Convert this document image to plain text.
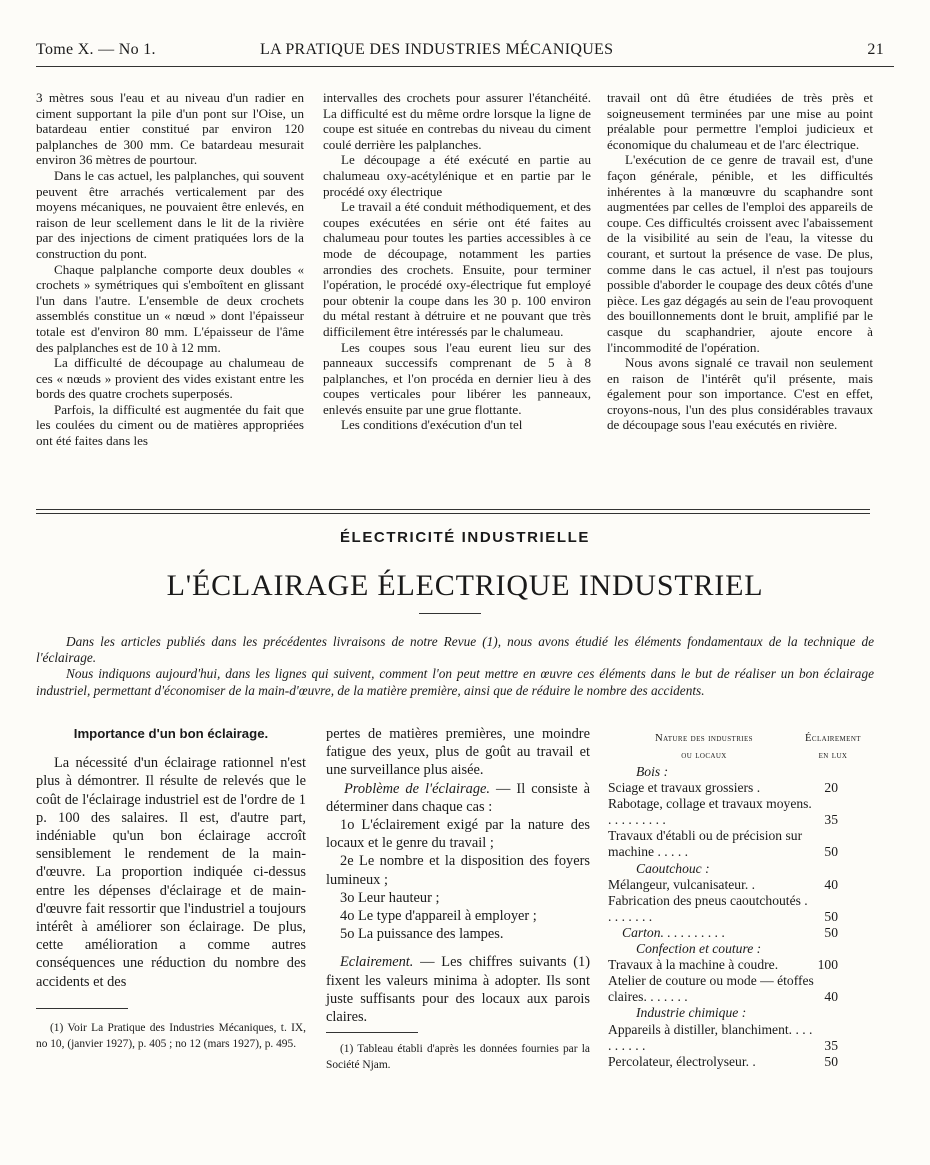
Tome X. — No 1.	LA PRATIQUE DES INDUSTRIES MÉCANIQUES	21

3 mètres sous l'eau et au niveau d'un radier en ciment supportant la pile d'un pont sur l'Oise, un batardeau entier constitué par environ 120 palplanches de 300 mm. Ce batardeau mesurait environ 36 mètres de pourtour.

Dans le cas actuel, les palplanches, qui souvent peuvent être arrachés verticalement par des moyens mécaniques, ne pouvaient être enlevés, en raison de leur scellement dans le lit de la rivière par des injections de ciment pratiquées lors de la construction du pont.

Chaque palplanche comporte deux doubles « crochets » symétriques qui s'emboîtent en glissant l'un dans l'autre. L'ensemble de deux crochets assemblés constitue un « nœud » dont l'épaisseur totale est d'environ 80 mm. L'épaisseur de l'âme des palplanches est de 10 à 12 mm.

La difficulté de découpage au chalumeau de ces « nœuds » provient des vides existant entre les bords des quatre crochets superposés.

Parfois, la difficulté est augmentée du fait que les coulées du ciment ou de matières appropriées ont été faites dans les

intervalles des crochets pour assurer l'étanchéité. La difficulté est du même ordre lorsque la ligne de coupe est située en contrebas du niveau du ciment coulé derrière les palplanches.

Le découpage a été exécuté en partie au chalumeau oxy-acétylénique et en partie par le procédé oxy électrique

Le travail a été conduit méthodiquement, et des coupes exécutées en série ont été faites au chalumeau pour toutes les parties accessibles à ce mode de découpage, notamment les parties arrondies des crochets. Ensuite, pour terminer l'opération, le procédé oxy-électrique fut employé pour obtenir la coupe dans les 30 p. 100 environ du métal restant à détruire et ne pouvant que très difficilement être intéressés par le chalumeau.

Les coupes sous l'eau eurent lieu sur des panneaux successifs comprenant de 5 à 8 palplanches, et l'on procéda en dernier lieu à des coupes verticales pour libérer les panneaux, enlevés ensuite par une grue flottante.

Les conditions d'exécution d'un tel

travail ont dû être étudiées de très près et soigneusement terminées par une mise au point préalable pour permettre l'emploi judicieux et économique du chalumeau et de l'arc électrique.

L'exécution de ce genre de travail est, d'une façon générale, pénible, et les difficultés inhérentes à la manœuvre du scaphandre sont augmentées par celles de l'emploi des appareils de coupe. Ces difficultés croissent avec l'abaissement de la visibilité au sein de l'eau, la vitesse du courant, et surtout la présence de vase. De plus, comme dans le cas actuel, il n'est pas toujours possible d'aborder le coupage des deux côtés d'une pièce. Les gaz dégagés au sein de l'eau provoquent des bouillonnements dont le bruit, amplifié par le casque du scaphandrier, ajoute encore à l'incommodité de l'opération.

Nous avons signalé ce travail non seulement en raison de l'intérêt qu'il présente, mais également pour son importance. C'est en effet, croyons-nous, l'un des plus considérables travaux de découpage sous l'eau exécutés en rivière.

ÉLECTRICITÉ INDUSTRIELLE
L'ÉCLAIRAGE ÉLECTRIQUE INDUSTRIEL

Dans les articles publiés dans les précédentes livraisons de notre Revue (1), nous avons étudié les éléments fondamentaux de la technique de l'éclairage.

Nous indiquons aujourd'hui, dans les lignes qui suivent, comment l'on peut mettre en œuvre ces éléments dans le but de réaliser un bon éclairage industriel, permettant d'économiser de la main-d'œuvre, de la matière première, ainsi que de réduire le nombre des accidents.

Importance d'un bon éclairage.

La nécessité d'un éclairage rationnel n'est plus à démontrer. Il résulte de relevés que le coût de l'éclairage industriel est de l'ordre de 1 p. 100 des salaires. Il est, d'autre part, indéniable qu'un bon éclairage accroît sensiblement le rendement de la main-d'œuvre. La proportion indiquée ci-dessus entre les dépenses d'éclairage et de main-d'œuvre fait ressortir que l'industriel a toujours intérêt à améliorer son éclairage. De plus, cette amélioration a comme autres conséquences une réduction du nombre des accidents et des

(1) Voir La Pratique des Industries Mécaniques, t. IX, no 10, (janvier 1927), p. 405 ; no 12 (mars 1927), p. 495.

pertes de matières premières, une moindre fatigue des yeux, plus de goût au travail et une surveillance plus aisée.

Problème de l'éclairage. — Il consiste à déterminer dans chaque cas :

1o L'éclairement exigé par la nature des locaux et le genre du travail ;

2e Le nombre et la disposition des foyers lumineux ;

3o Leur hauteur ;

4o Le type d'appareil à employer ;

5o La puissance des lampes.

Eclairement. — Les chiffres suivants (1) fixent les valeurs minima à adopter. Ils sont juste suffisants pour des locaux aux parois claires.

(1) Tableau établi d'après les données fournies par la Société Njam.

Nature des industries
ou locaux
Éclairement
en lux
Bois :
Sciage et travaux grossiers .	20
Rabotage, collage et travaux moyens. . . . . . . . . .	35
Travaux d'établi ou de précision sur machine . . . . .	50
Caoutchouc :
Mélangeur, vulcanisateur. .	40
Fabrication des pneus caoutchoutés . . . . . . . .	50
Carton. . . . . . . . . .	50
Confection et couture :
Travaux à la machine à coudre.	100
Atelier de couture ou mode — étoffes claires. . . . . . .	40
Industrie chimique :
Appareils à distiller, blanchiment. . . . . . . . . .	35
Percolateur, électrolyseur. .	50
